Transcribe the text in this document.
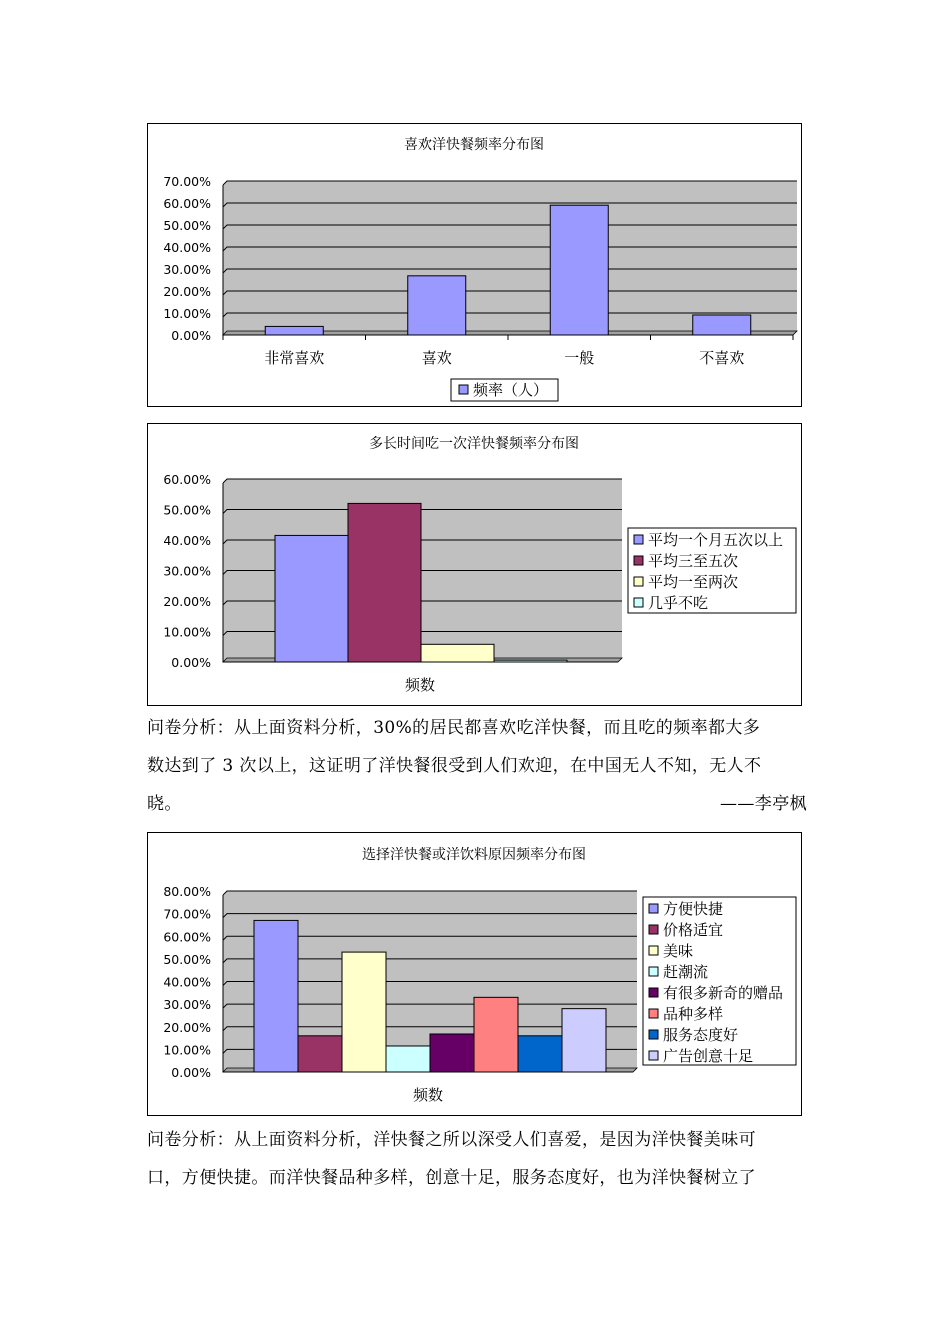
喜欢洋快餐频率分布图
0.00%
10.00%
20.00%
30.00%
40.00%
50.00%
60.00%
70.00%
非常喜欢	喜欢	一般	不喜欢
频率（人）
多长时间吃一次洋快餐频率分布图
0.00%
10.00%
20.00%
30.00%
40.00%
50.00%
60.00%
频数
平均一个月五次以上
平均三至五次
平均一至两次
几乎不吃
问卷分析：从上面资料分析，30%的居民都喜欢吃洋快餐，而且吃的频率都大多
数达到了 3 次以上，这证明了洋快餐很受到人们欢迎，在中国无人不知，无人不
晓。	——李亭枫
选择洋快餐或洋饮料原因频率分布图
0.00%
10.00%
20.00%
30.00%
40.00%
50.00%
60.00%
70.00%
80.00%
频数
方便快捷
价格适宜
美味
赶潮流
有很多新奇的赠品
品种多样
服务态度好
广告创意十足
问卷分析：从上面资料分析，洋快餐之所以深受人们喜爱，是因为洋快餐美味可
口，方便快捷。而洋快餐品种多样，创意十足，服务态度好，也为洋快餐树立了
